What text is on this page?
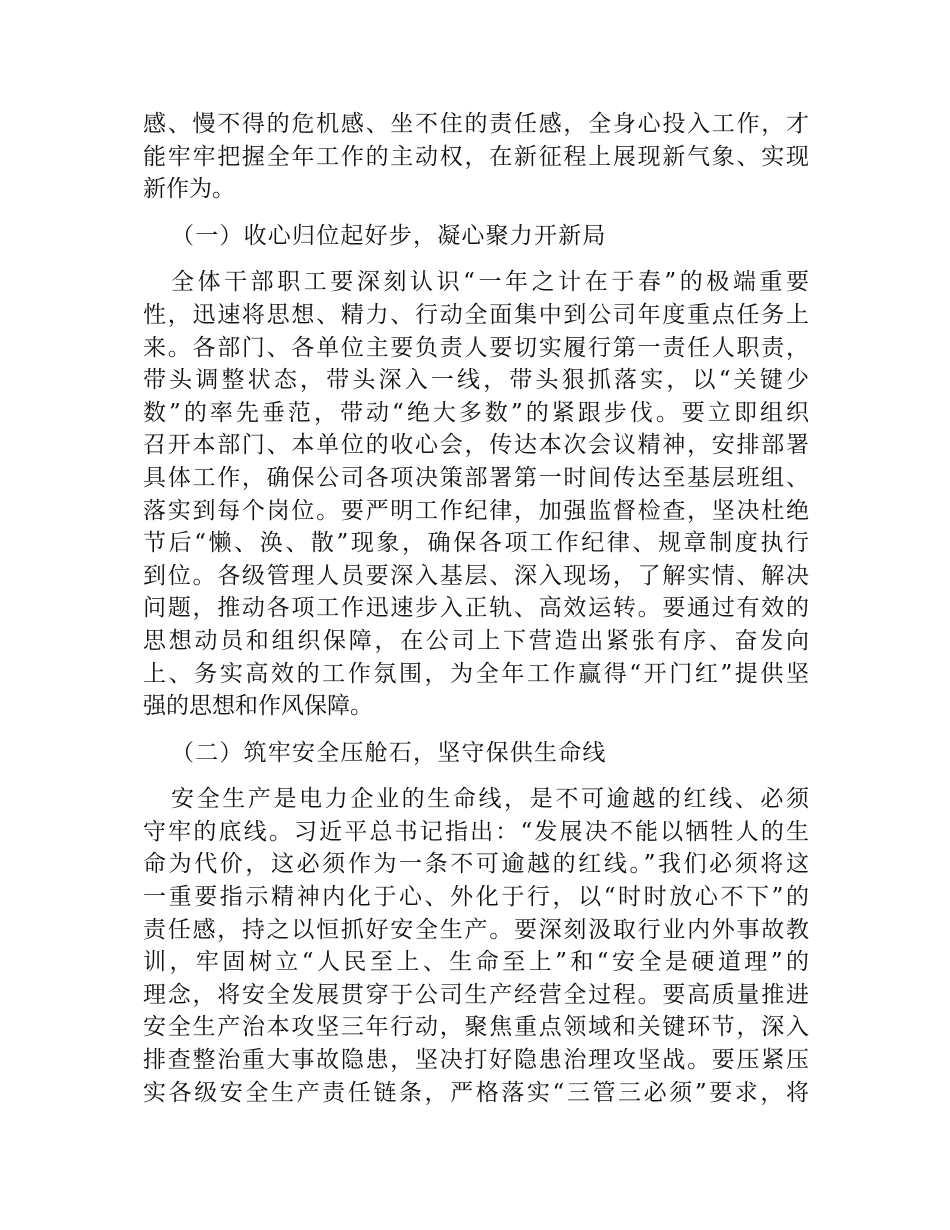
感、慢不得的危机感、坐不住的责任感，全身心投入工作，才
能牢牢把握全年工作的主动权，在新征程上展现新气象、实现
新作为。
（一）收心归位起好步，凝心聚力开新局
全体干部职工要深刻认识“一年之计在于春”的极端重要
性，迅速将思想、精力、行动全面集中到公司年度重点任务上
来。各部门、各单位主要负责人要切实履行第一责任人职责，
带头调整状态，带头深入一线，带头狠抓落实，以“关键少
数”的率先垂范，带动“绝大多数”的紧跟步伐。要立即组织
召开本部门、本单位的收心会，传达本次会议精神，安排部署
具体工作，确保公司各项决策部署第一时间传达至基层班组、
落实到每个岗位。要严明工作纪律，加强监督检查，坚决杜绝
节后“懒、涣、散”现象，确保各项工作纪律、规章制度执行
到位。各级管理人员要深入基层、深入现场，了解实情、解决
问题，推动各项工作迅速步入正轨、高效运转。要通过有效的
思想动员和组织保障，在公司上下营造出紧张有序、奋发向
上、务实高效的工作氛围，为全年工作赢得“开门红”提供坚
强的思想和作风保障。
（二）筑牢安全压舱石，坚守保供生命线
安全生产是电力企业的生命线，是不可逾越的红线、必须
守牢的底线。习近平总书记指出：“发展决不能以牺牲人的生
命为代价，这必须作为一条不可逾越的红线。”我们必须将这
一重要指示精神内化于心、外化于行，以“时时放心不下”的
责任感，持之以恒抓好安全生产。要深刻汲取行业内外事故教
训，牢固树立“人民至上、生命至上”和“安全是硬道理”的
理念，将安全发展贯穿于公司生产经营全过程。要高质量推进
安全生产治本攻坚三年行动，聚焦重点领域和关键环节，深入
排查整治重大事故隐患，坚决打好隐患治理攻坚战。要压紧压
实各级安全生产责任链条，严格落实“三管三必须”要求，将
